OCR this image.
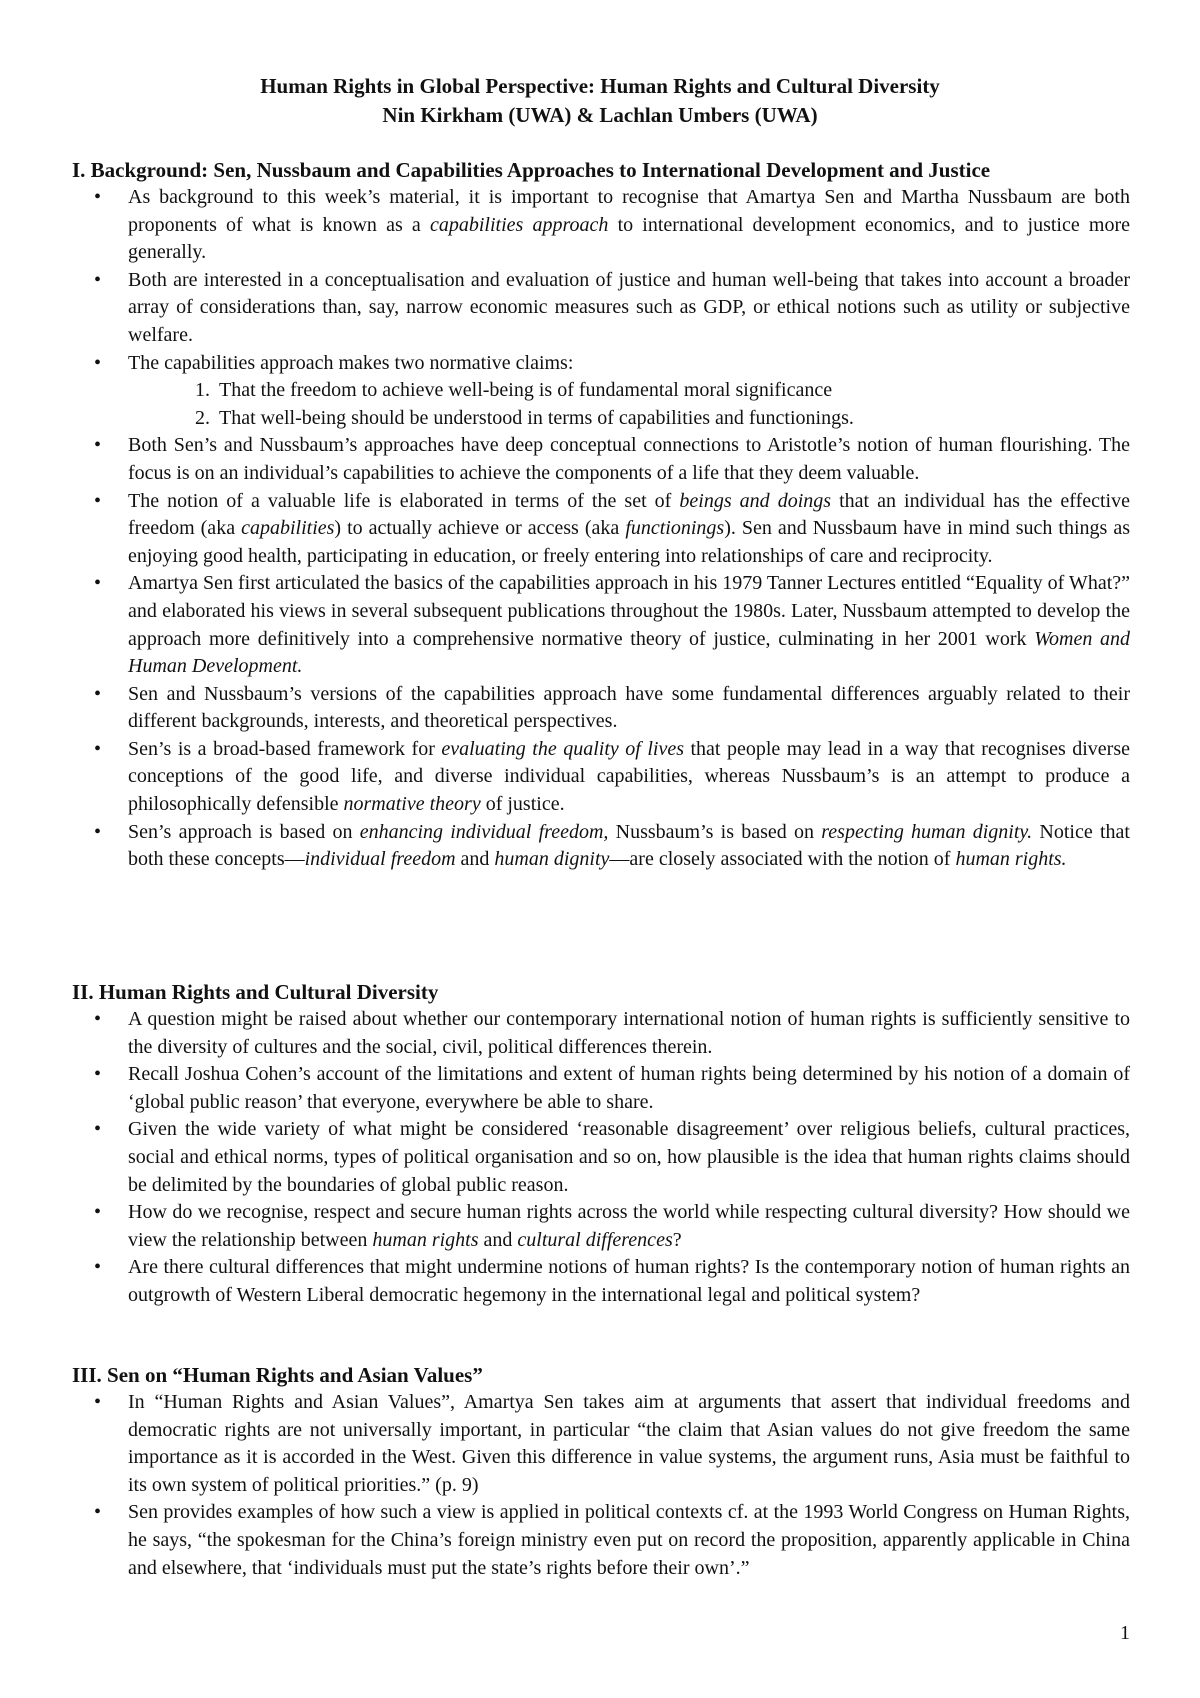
Human Rights in Global Perspective: Human Rights and Cultural Diversity
Nin Kirkham (UWA) & Lachlan Umbers (UWA)
I. Background: Sen, Nussbaum and Capabilities Approaches to International Development and Justice
• As background to this week’s material, it is important to recognise that Amartya Sen and Martha Nussbaum are both proponents of what is known as a capabilities approach to international development economics, and to justice more generally.
• Both are interested in a conceptualisation and evaluation of justice and human well-being that takes into account a broader array of considerations than, say, narrow economic measures such as GDP, or ethical notions such as utility or subjective welfare.
• The capabilities approach makes two normative claims:
1. That the freedom to achieve well-being is of fundamental moral significance
2. That well-being should be understood in terms of capabilities and functionings.
• Both Sen’s and Nussbaum’s approaches have deep conceptual connections to Aristotle’s notion of human flourishing. The focus is on an individual’s capabilities to achieve the components of a life that they deem valuable.
• The notion of a valuable life is elaborated in terms of the set of beings and doings that an individual has the effective freedom (aka capabilities) to actually achieve or access (aka functionings). Sen and Nussbaum have in mind such things as enjoying good health, participating in education, or freely entering into relationships of care and reciprocity.
• Amartya Sen first articulated the basics of the capabilities approach in his 1979 Tanner Lectures entitled “Equality of What?” and elaborated his views in several subsequent publications throughout the 1980s. Later, Nussbaum attempted to develop the approach more definitively into a comprehensive normative theory of justice, culminating in her 2001 work Women and Human Development.
• Sen and Nussbaum’s versions of the capabilities approach have some fundamental differences arguably related to their different backgrounds, interests, and theoretical perspectives.
• Sen’s is a broad-based framework for evaluating the quality of lives that people may lead in a way that recognises diverse conceptions of the good life, and diverse individual capabilities, whereas Nussbaum’s is an attempt to produce a philosophically defensible normative theory of justice.
• Sen’s approach is based on enhancing individual freedom, Nussbaum’s is based on respecting human dignity. Notice that both these concepts—individual freedom and human dignity—are closely associated with the notion of human rights.
II. Human Rights and Cultural Diversity
• A question might be raised about whether our contemporary international notion of human rights is sufficiently sensitive to the diversity of cultures and the social, civil, political differences therein.
• Recall Joshua Cohen’s account of the limitations and extent of human rights being determined by his notion of a domain of ‘global public reason’ that everyone, everywhere be able to share.
• Given the wide variety of what might be considered ‘reasonable disagreement’ over religious beliefs, cultural practices, social and ethical norms, types of political organisation and so on, how plausible is the idea that human rights claims should be delimited by the boundaries of global public reason.
• How do we recognise, respect and secure human rights across the world while respecting cultural diversity? How should we view the relationship between human rights and cultural differences?
• Are there cultural differences that might undermine notions of human rights? Is the contemporary notion of human rights an outgrowth of Western Liberal democratic hegemony in the international legal and political system?
III. Sen on “Human Rights and Asian Values”
• In “Human Rights and Asian Values”, Amartya Sen takes aim at arguments that assert that individual freedoms and democratic rights are not universally important, in particular “the claim that Asian values do not give freedom the same importance as it is accorded in the West. Given this difference in value systems, the argument runs, Asia must be faithful to its own system of political priorities.” (p. 9)
• Sen provides examples of how such a view is applied in political contexts cf. at the 1993 World Congress on Human Rights, he says, “the spokesman for the China’s foreign ministry even put on record the proposition, apparently applicable in China and elsewhere, that ‘individuals must put the state’s rights before their own’.”
1
